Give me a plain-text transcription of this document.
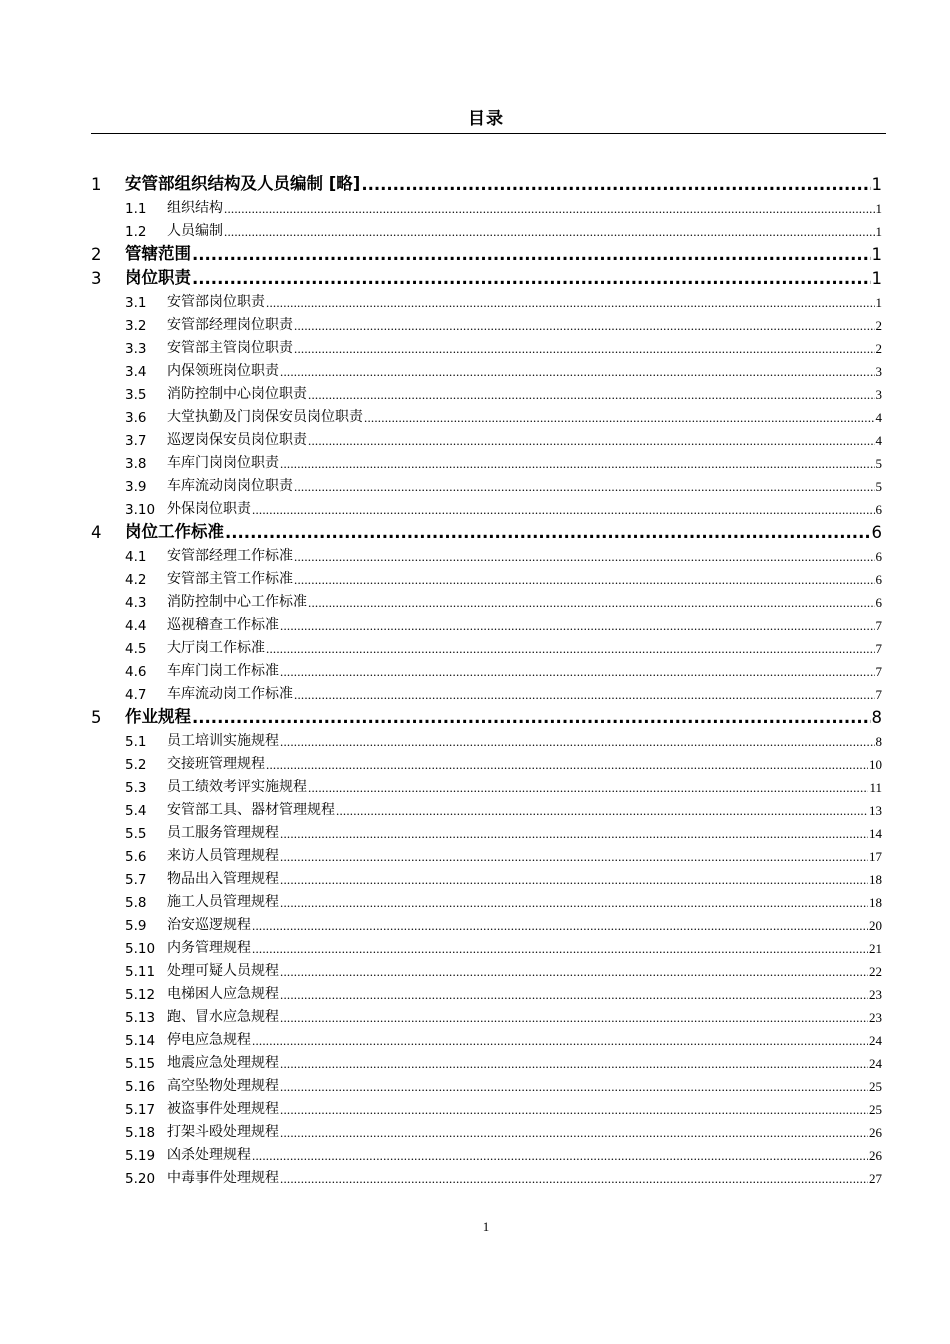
目录
1	安管部组织结构及人员编制 [略] .....	1
1.1	组织结构 .....	1
1.2	人员编制 .....	1
2	管辖范围 .....	1
3	岗位职责 .....	1
3.1	安管部岗位职责 .....	1
3.2	安管部经理岗位职责 .....	2
3.3	安管部主管岗位职责 .....	2
3.4	内保领班岗位职责 .....	3
3.5	消防控制中心岗位职责 .....	3
3.6	大堂执勤及门岗保安员岗位职责 .....	4
3.7	巡逻岗保安员岗位职责 .....	4
3.8	车库门岗岗位职责 .....	5
3.9	车库流动岗岗位职责 .....	5
3.10 外保岗位职责 .....	6
4	岗位工作标准 .....	6
4.1	安管部经理工作标准 .....	6
4.2	安管部主管工作标准 .....	6
4.3	消防控制中心工作标准 .....	6
4.4	巡视稽查工作标准 .....	7
4.5	大厅岗工作标准 .....	7
4.6	车库门岗工作标准 .....	7
4.7	车库流动岗工作标准 .....	7
5	作业规程 .....	8
5.1	员工培训实施规程 .....	8
5.2	交接班管理规程 .....	10
5.3	员工绩效考评实施规程 .....	11
5.4	安管部工具、器材管理规程 .....	13
5.5	员工服务管理规程 .....	14
5.6	来访人员管理规程 .....	17
5.7	物品出入管理规程 .....	18
5.8	施工人员管理规程 .....	18
5.9	治安巡逻规程 .....	20
5.10 内务管理规程 .....	21
5.11 处理可疑人员规程 .....	22
5.12 电梯困人应急规程 .....	23
5.13 跑、冒水应急规程 .....	23
5.14 停电应急规程 .....	24
5.15 地震应急处理规程 .....	24
5.16 高空坠物处理规程 .....	25
5.17 被盗事件处理规程 .....	25
5.18 打架斗殴处理规程 .....	26
5.19 凶杀处理规程 .....	26
5.20 中毒事件处理规程 .....	27
1
